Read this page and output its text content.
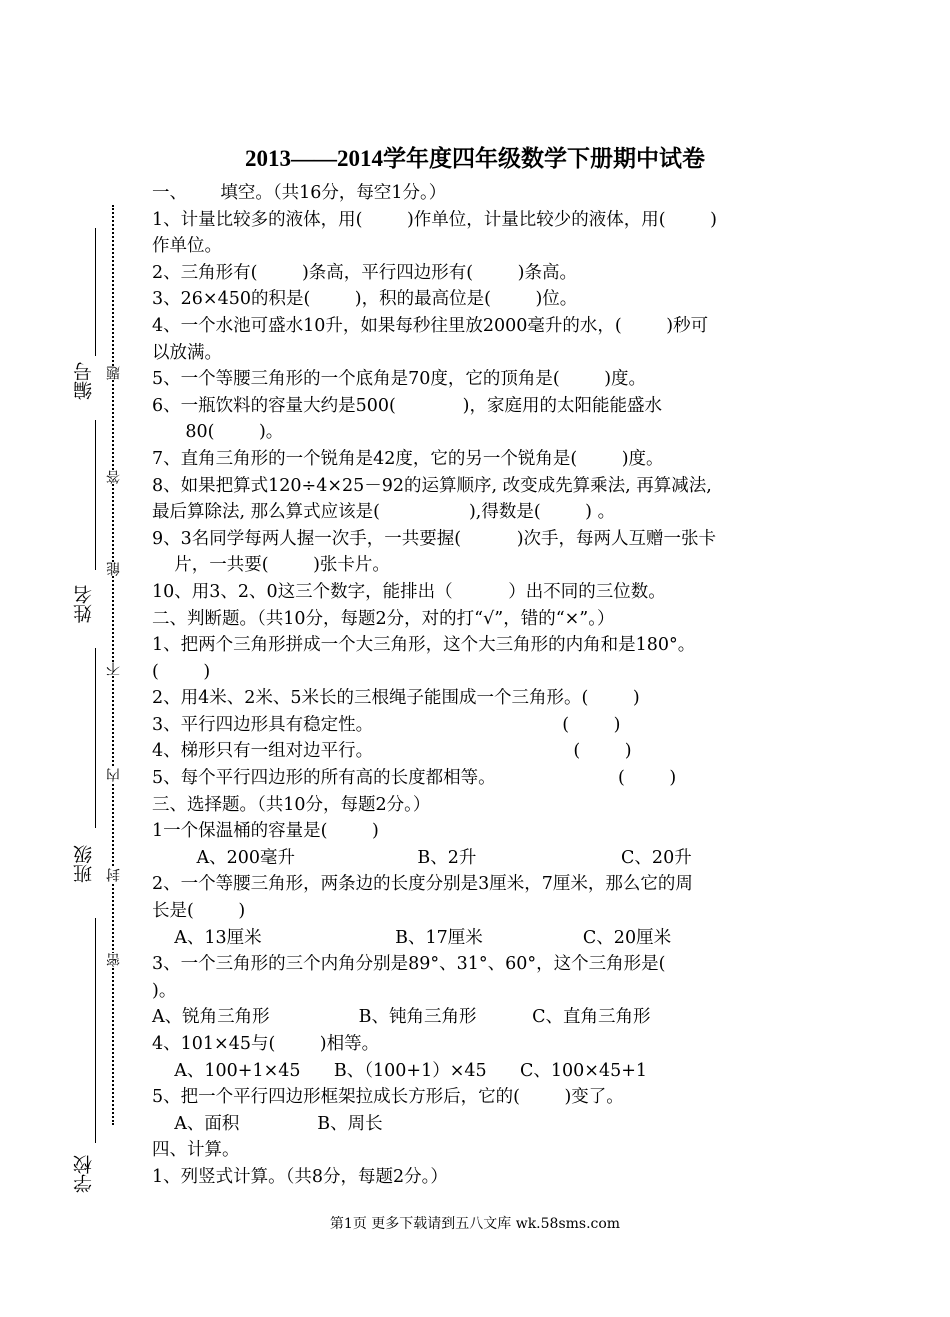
2013——2014学年度四年级数学下册期中试卷
编号
姓名
班级
学校
题
答
能
不
内
封
密

一、      填空。（共16分，每空1分。）

1、计量比较多的液体，用(        )作单位，计量比较少的液体，用(        )

作单位。

2、三角形有(        )条高，平行四边形有(        )条高。

3、26×450的积是(        )，积的最高位是(        )位。

4、一个水池可盛水10升，如果每秒往里放2000毫升的水，(        )秒可

以放满。

5、一个等腰三角形的一个底角是70度，它的顶角是(        )度。

6、一瓶饮料的容量大约是500(            )，家庭用的太阳能能盛水

80(        )。

7、直角三角形的一个锐角是42度，它的另一个锐角是(        )度。

8、如果把算式120÷4×25－92的运算顺序, 改变成先算乘法, 再算减法,

最后算除法, 那么算式应该是(                ),得数是(        ) 。

9、3名同学每两人握一次手，一共要握(          )次手，每两人互赠一张卡

片，一共要(        )张卡片。

10、用3、2、0这三个数字，能排出（          ）出不同的三位数。

二、判断题。（共10分，每题2分，对的打“√”，错的“×”。）

1、把两个三角形拼成一个大三角形，这个大三角形的内角和是180°。

(        )

2、用4米、2米、5米长的三根绳子能围成一个三角形。(        )

3、平行四边形具有稳定性。                                  (        )

4、梯形只有一组对边平行。                                    (        )

5、每个平行四边形的所有高的长度都相等。                      (        )

三、选择题。（共10分，每题2分。）

1一个保温桶的容量是(        )

A、200毫升                      B、2升                          C、20升

2、一个等腰三角形，两条边的长度分别是3厘米，7厘米，那么它的周

长是(        )

A、13厘米                        B、17厘米                  C、20厘米

3、一个三角形的三个内角分别是89°、31°、60°，这个三角形是(

)。

A、锐角三角形                B、钝角三角形          C、直角三角形

4、101×45与(        )相等。

A、100+1×45      B、（100+1）×45      C、100×45+1

5、把一个平行四边形框架拉成长方形后，它的(        )变了。

A、面积              B、周长

四、计算。

1、列竖式计算。（共8分，每题2分。）

第1页 更多下载请到五八文库 wk.58sms.com
